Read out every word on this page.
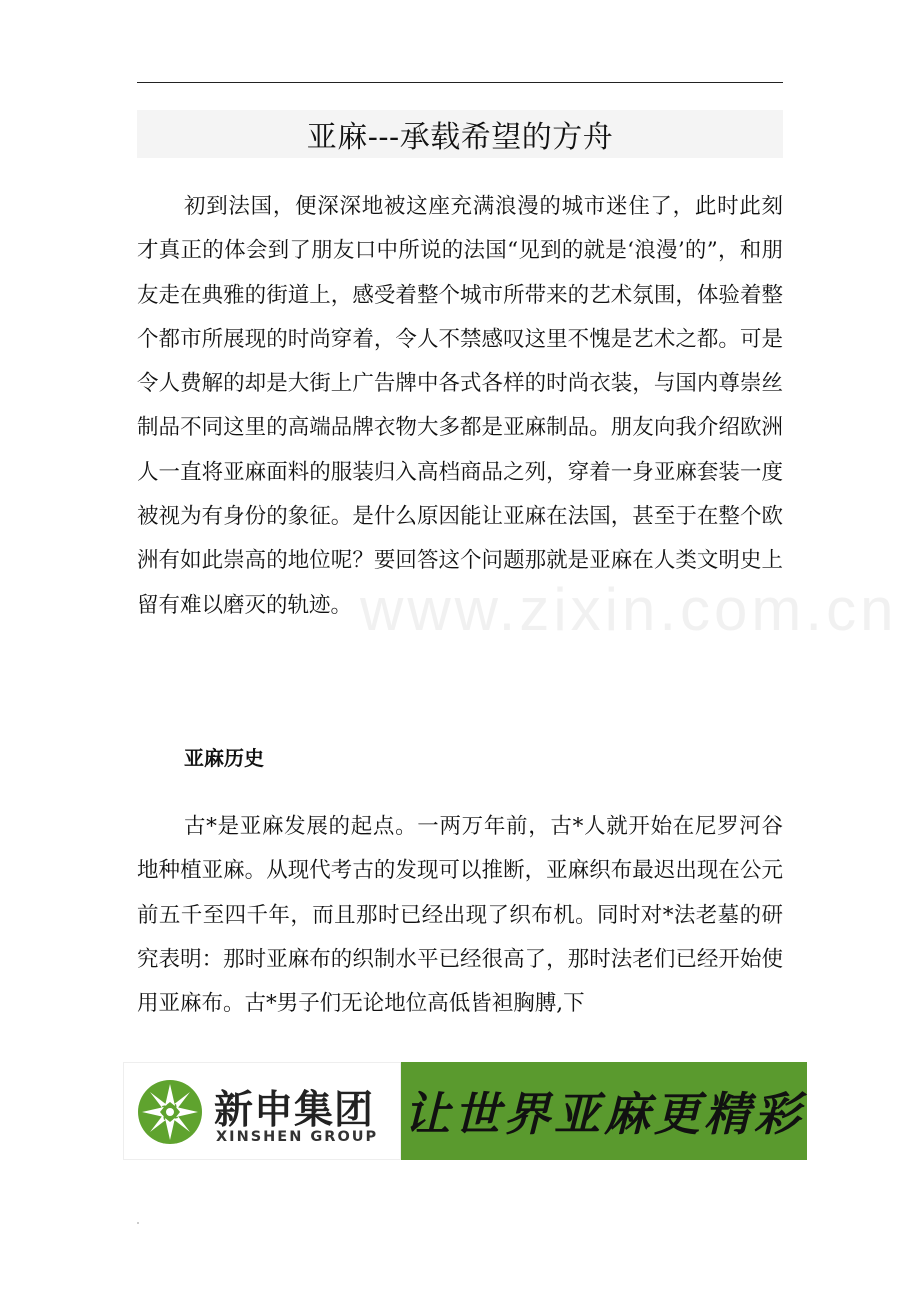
亚麻---承载希望的方舟
www.zixin.com.cn

初到法国，便深深地被这座充满浪漫的城市迷住了，此时此刻才真正的体会到了朋友口中所说的法国“见到的就是‘浪漫’的”，和朋友走在典雅的街道上，感受着整个城市所带来的艺术氛围，体验着整个都市所展现的时尚穿着，令人不禁感叹这里不愧是艺术之都。可是令人费解的却是大街上广告牌中各式各样的时尚衣装，与国内尊崇丝制品不同这里的高端品牌衣物大多都是亚麻制品。朋友向我介绍欧洲人一直将亚麻面料的服装归入高档商品之列，穿着一身亚麻套装一度被视为有身份的象征。是什么原因能让亚麻在法国，甚至于在整个欧洲有如此崇高的地位呢？要回答这个问题那就是亚麻在人类文明史上留有难以磨灭的轨迹。

亚麻历史

古*是亚麻发展的起点。一两万年前，古*人就开始在尼罗河谷地种植亚麻。从现代考古的发现可以推断，亚麻织布最迟出现在公元前五千至四千年，而且那时已经出现了织布机。同时对*法老墓的研究表明：那时亚麻布的织制水平已经很高了，那时法老们已经开始使用亚麻布。古*男子们无论地位高低皆袒胸膊,下

新申集团
XINSHEN GROUP 让世界亚麻更精彩
